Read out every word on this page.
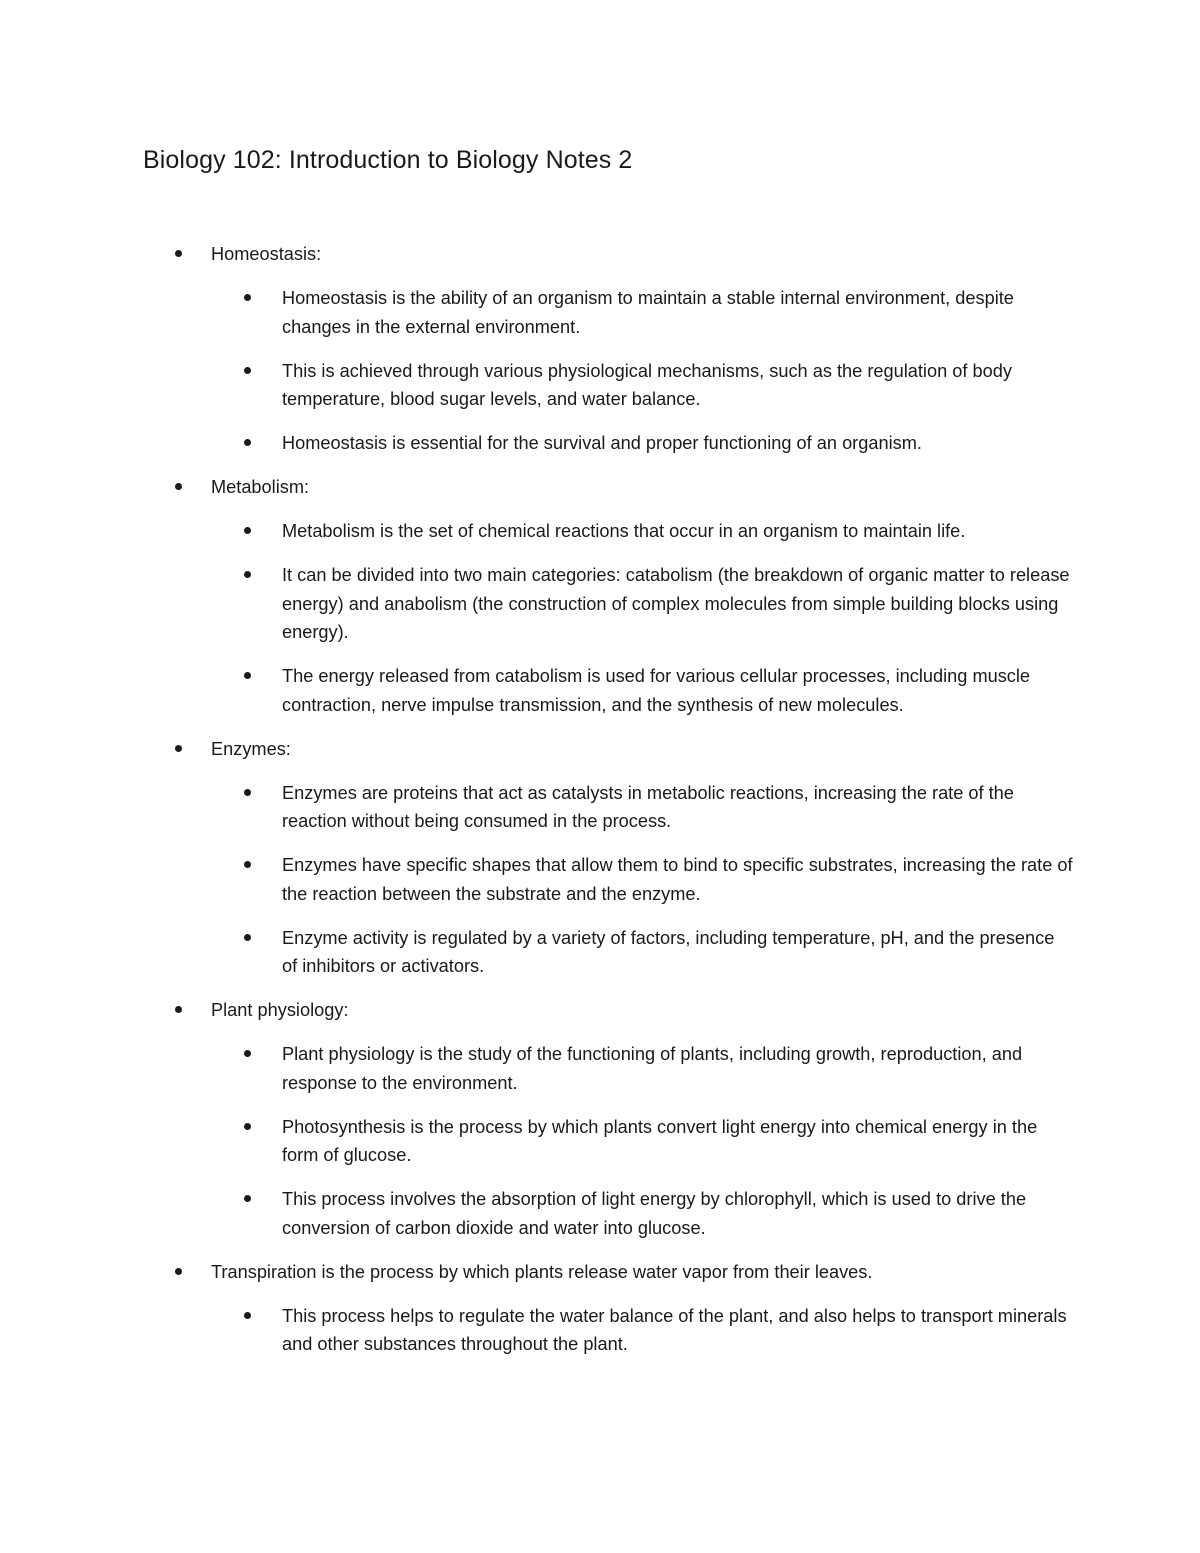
Biology 102: Introduction to Biology Notes 2
Homeostasis:
Homeostasis is the ability of an organism to maintain a stable internal environment, despite changes in the external environment.
This is achieved through various physiological mechanisms, such as the regulation of body temperature, blood sugar levels, and water balance.
Homeostasis is essential for the survival and proper functioning of an organism.
Metabolism:
Metabolism is the set of chemical reactions that occur in an organism to maintain life.
It can be divided into two main categories: catabolism (the breakdown of organic matter to release energy) and anabolism (the construction of complex molecules from simple building blocks using energy).
The energy released from catabolism is used for various cellular processes, including muscle contraction, nerve impulse transmission, and the synthesis of new molecules.
Enzymes:
Enzymes are proteins that act as catalysts in metabolic reactions, increasing the rate of the reaction without being consumed in the process.
Enzymes have specific shapes that allow them to bind to specific substrates, increasing the rate of the reaction between the substrate and the enzyme.
Enzyme activity is regulated by a variety of factors, including temperature, pH, and the presence of inhibitors or activators.
Plant physiology:
Plant physiology is the study of the functioning of plants, including growth, reproduction, and response to the environment.
Photosynthesis is the process by which plants convert light energy into chemical energy in the form of glucose.
This process involves the absorption of light energy by chlorophyll, which is used to drive the conversion of carbon dioxide and water into glucose.
Transpiration is the process by which plants release water vapor from their leaves.
This process helps to regulate the water balance of the plant, and also helps to transport minerals and other substances throughout the plant.
